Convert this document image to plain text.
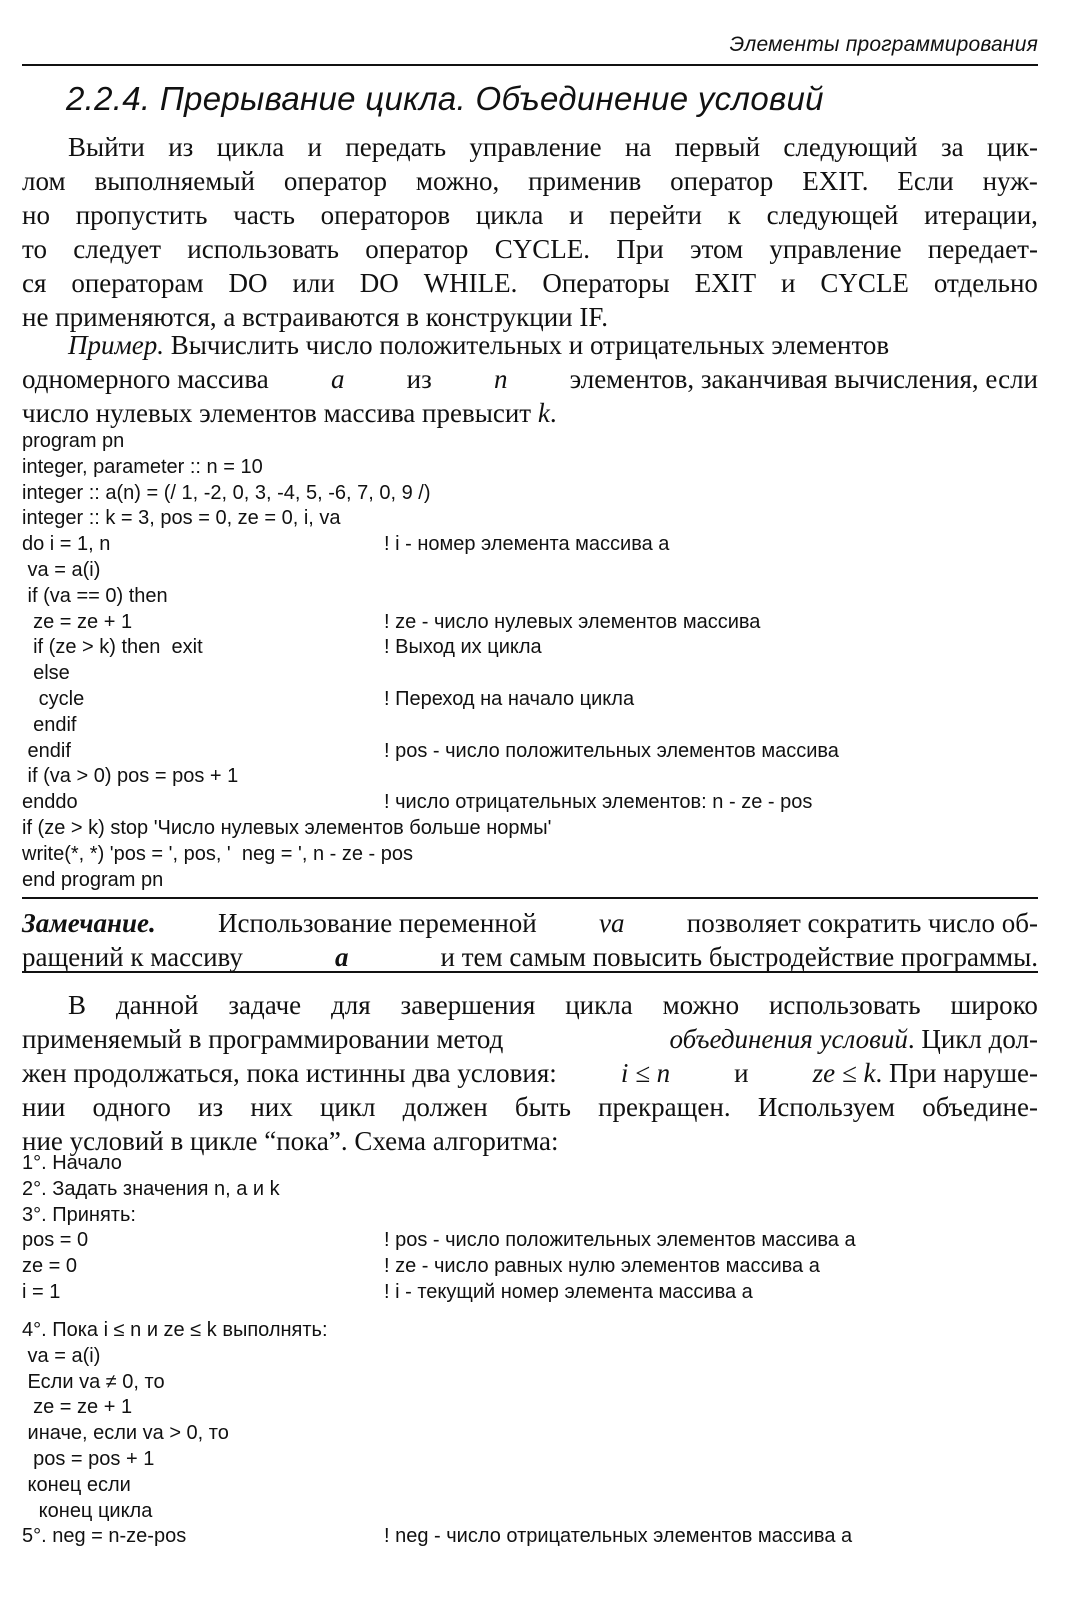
Элементы программирования
2.2.4. Прерывание цикла. Объединение условий
Выйти из цикла и передать управление на первый следующий за цик-
лом выполняемый оператор можно, применив оператор EXIT. Если нуж-
но пропустить часть операторов цикла и перейти к следующей итерации,
то следует использовать оператор CYCLE. При этом управление передает-
ся операторам DO или DO WHILE. Операторы EXIT и CYCLE отдельно
не применяются, а встраиваются в конструкции IF.
Пример.
Вычислить число положительных и отрицательных элементов
одномерного массива a из n элементов, заканчивая вычисления, если
число нулевых элементов массива превысит
k .
program pn
integer, parameter :: n = 10
integer :: a(n) = (/ 1, -2, 0, 3, -4, 5, -6, 7, 0, 9 /)
integer :: k = 3, pos = 0, ze = 0, i, va
do i = 1, n	! i - номер элемента массива a
va = a(i)
if (va == 0) then
ze = ze + 1	! ze - число нулевых элементов массива
if (ze > k) then  exit	! Выход их цикла
else
cycle	! Переход на начало цикла
endif
endif	! pos - число положительных элементов массива
if (va > 0) pos = pos + 1
enddo	! число отрицательных элементов: n - ze - pos
if (ze > k) stop 'Число нулевых элементов больше нормы'
write(*, *) 'pos = ', pos, '  neg = ', n - ze - pos
end program pn
Замечание. Использование переменной va позволяет сократить число об-
ращений к массиву	a	и тем самым повысить быстродействие программы.
В данной задаче для завершения цикла можно использовать широко
применяемый в программировании метод	объединения условий. Цикл дол-
жен продолжаться, пока истинны два условия: i ≤ n и ze ≤ k. При наруше-
нии одного из них цикл должен быть прекращен. Используем объедине-
ние условий в цикле “пока”. Схема алгоритма:
1°. Начало
2°. Задать значения n, a и k
3°. Принять:
pos = 0	! pos - число положительных элементов массива a
ze = 0	! ze - число равных нулю элементов массива a
i = 1	! i - текущий номер элемента массива a
4°. Пока i ≤ n и ze ≤ k выполнять:
va = a(i)
Если va ≠ 0, то
ze = ze + 1
иначе, если va > 0, то
pos = pos + 1
конец если
конец цикла
5°. neg = n-ze-pos	! neg - число отрицательных элементов массива a
